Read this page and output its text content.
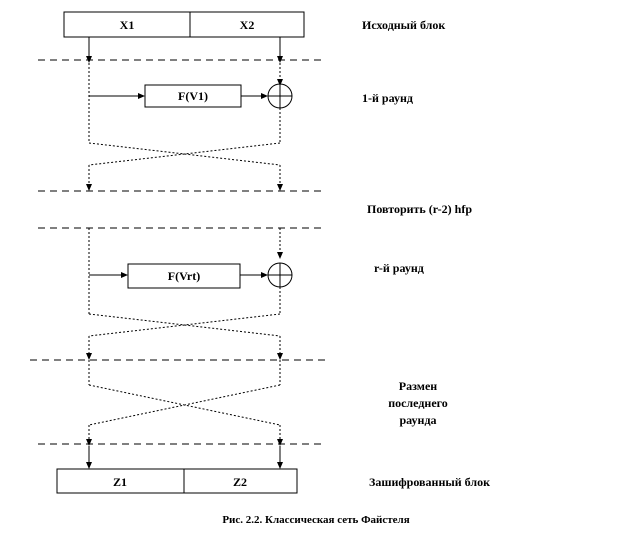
X1	X2
F(V1)
F(Vrt)
Z1	Z2
Исходный блок
1-й раунд
Повторить (r-2) hfp
r-й раунд
Размен
последнего
раунда
Зашифрованный блок
Рис. 2.2. Классическая сеть Файстеля
